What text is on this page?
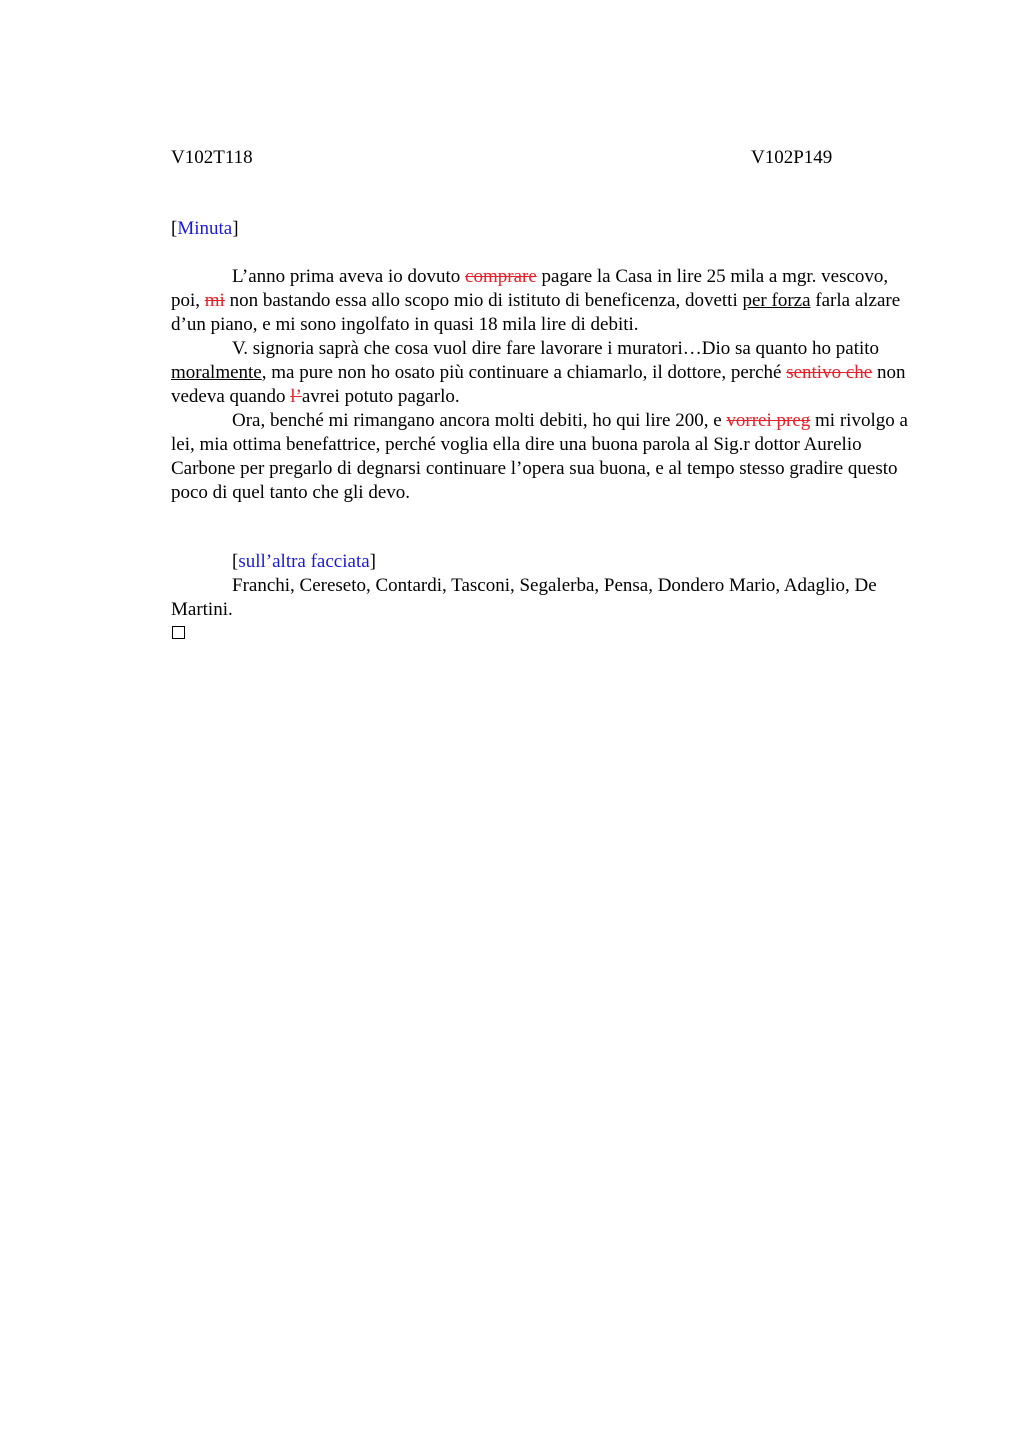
V102T118	V102P149
[Minuta]

L’anno prima aveva io dovuto comprare pagare la Casa in lire 25 mila a mgr. vescovo, poi, mi non bastando essa allo scopo mio di istituto di beneficenza, dovetti per forza farla alzare d’un piano, e mi sono ingolfato in quasi 18 mila lire di debiti.

V. signoria saprà che cosa vuol dire fare lavorare i muratori…Dio sa quanto ho patito moralmente, ma pure non ho osato più continuare a chiamarlo, il dottore, perché sentivo che non vedeva quando l’avrei potuto pagarlo.

Ora, benché mi rimangano ancora molti debiti, ho qui lire 200, e vorrei preg mi rivolgo a lei, mia ottima benefattrice, perché voglia ella dire una buona parola al Sig.r dottor Aurelio Carbone per pregarlo di degnarsi continuare l’opera sua buona, e al tempo stesso gradire questo poco di quel tanto che gli devo.

[sull’altra facciata]

Franchi, Cereseto, Contardi, Tasconi, Segalerba, Pensa, Dondero Mario, Adaglio, De Martini.
